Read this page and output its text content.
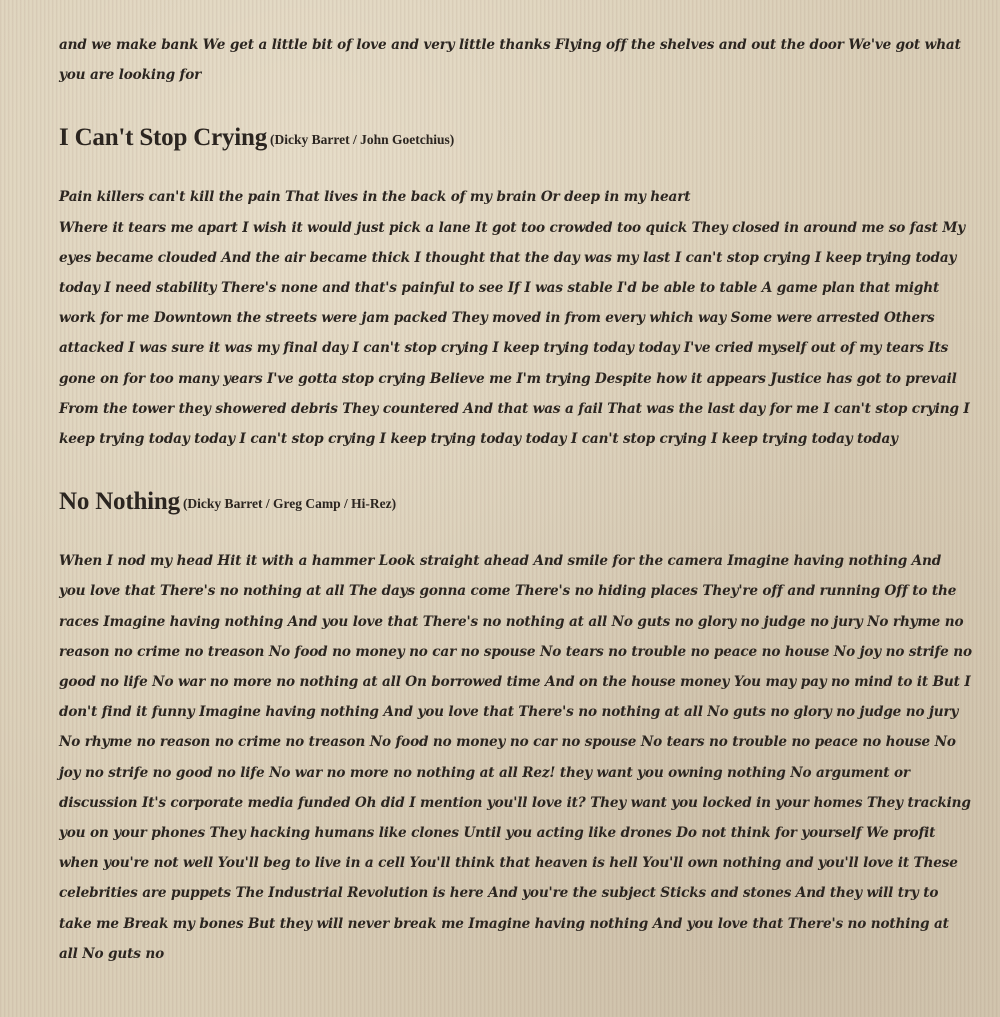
and we make bank We get a little bit of love and very little thanks Flying off the shelves and out the door We've got what you are looking for

I Can't Stop Crying (Dicky Barret / John Goetchius)

Pain killers can't kill the pain That lives in the back of my brain Or deep in my heart

Where it tears me apart I wish it would just pick a lane It got too crowded too quick They closed in around me so fast My eyes became clouded And the air became thick I thought that the day was my last I can't stop crying I keep trying today today I need stability There's none and that's painful to see If I was stable I'd be able to table A game plan that might work for me Downtown the streets were jam packed They moved in from every which way Some were arrested Others attacked I was sure it was my final day I can't stop crying I keep trying today today I've cried myself out of my tears Its gone on for too many years I've gotta stop crying Believe me I'm trying Despite how it appears Justice has got to prevail From the tower they showered debris They countered And that was a fail That was the last day for me I can't stop crying I keep trying today today I can't stop crying I keep trying today today I can't stop crying I keep trying today today

No Nothing (Dicky Barret / Greg Camp / Hi-Rez)

When I nod my head Hit it with a hammer Look straight ahead And smile for the camera Imagine having nothing And you love that There's no nothing at all The days gonna come There's no hiding places They're off and running Off to the races Imagine having nothing And you love that There's no nothing at all No guts no glory no judge no jury No rhyme no reason no crime no treason No food no money no car no spouse No tears no trouble no peace no house No joy no strife no good no life No war no more no nothing at all On borrowed time And on the house money You may pay no mind to it But I don't find it funny Imagine having nothing And you love that There's no nothing at all No guts no glory no judge no jury No rhyme no reason no crime no treason No food no money no car no spouse No tears no trouble no peace no house No joy no strife no good no life No war no more no nothing at all Rez! they want you owning nothing No argument or discussion It's corporate media funded Oh did I mention you'll love it? They want you locked in your homes They tracking you on your phones They hacking humans like clones Until you acting like drones Do not think for yourself We profit when you're not well You'll beg to live in a cell You'll think that heaven is hell You'll own nothing and you'll love it These celebrities are puppets The Industrial Revolution is here And you're the subject Sticks and stones And they will try to take me Break my bones But they will never break me Imagine having nothing And you love that There's no nothing at all No guts no
